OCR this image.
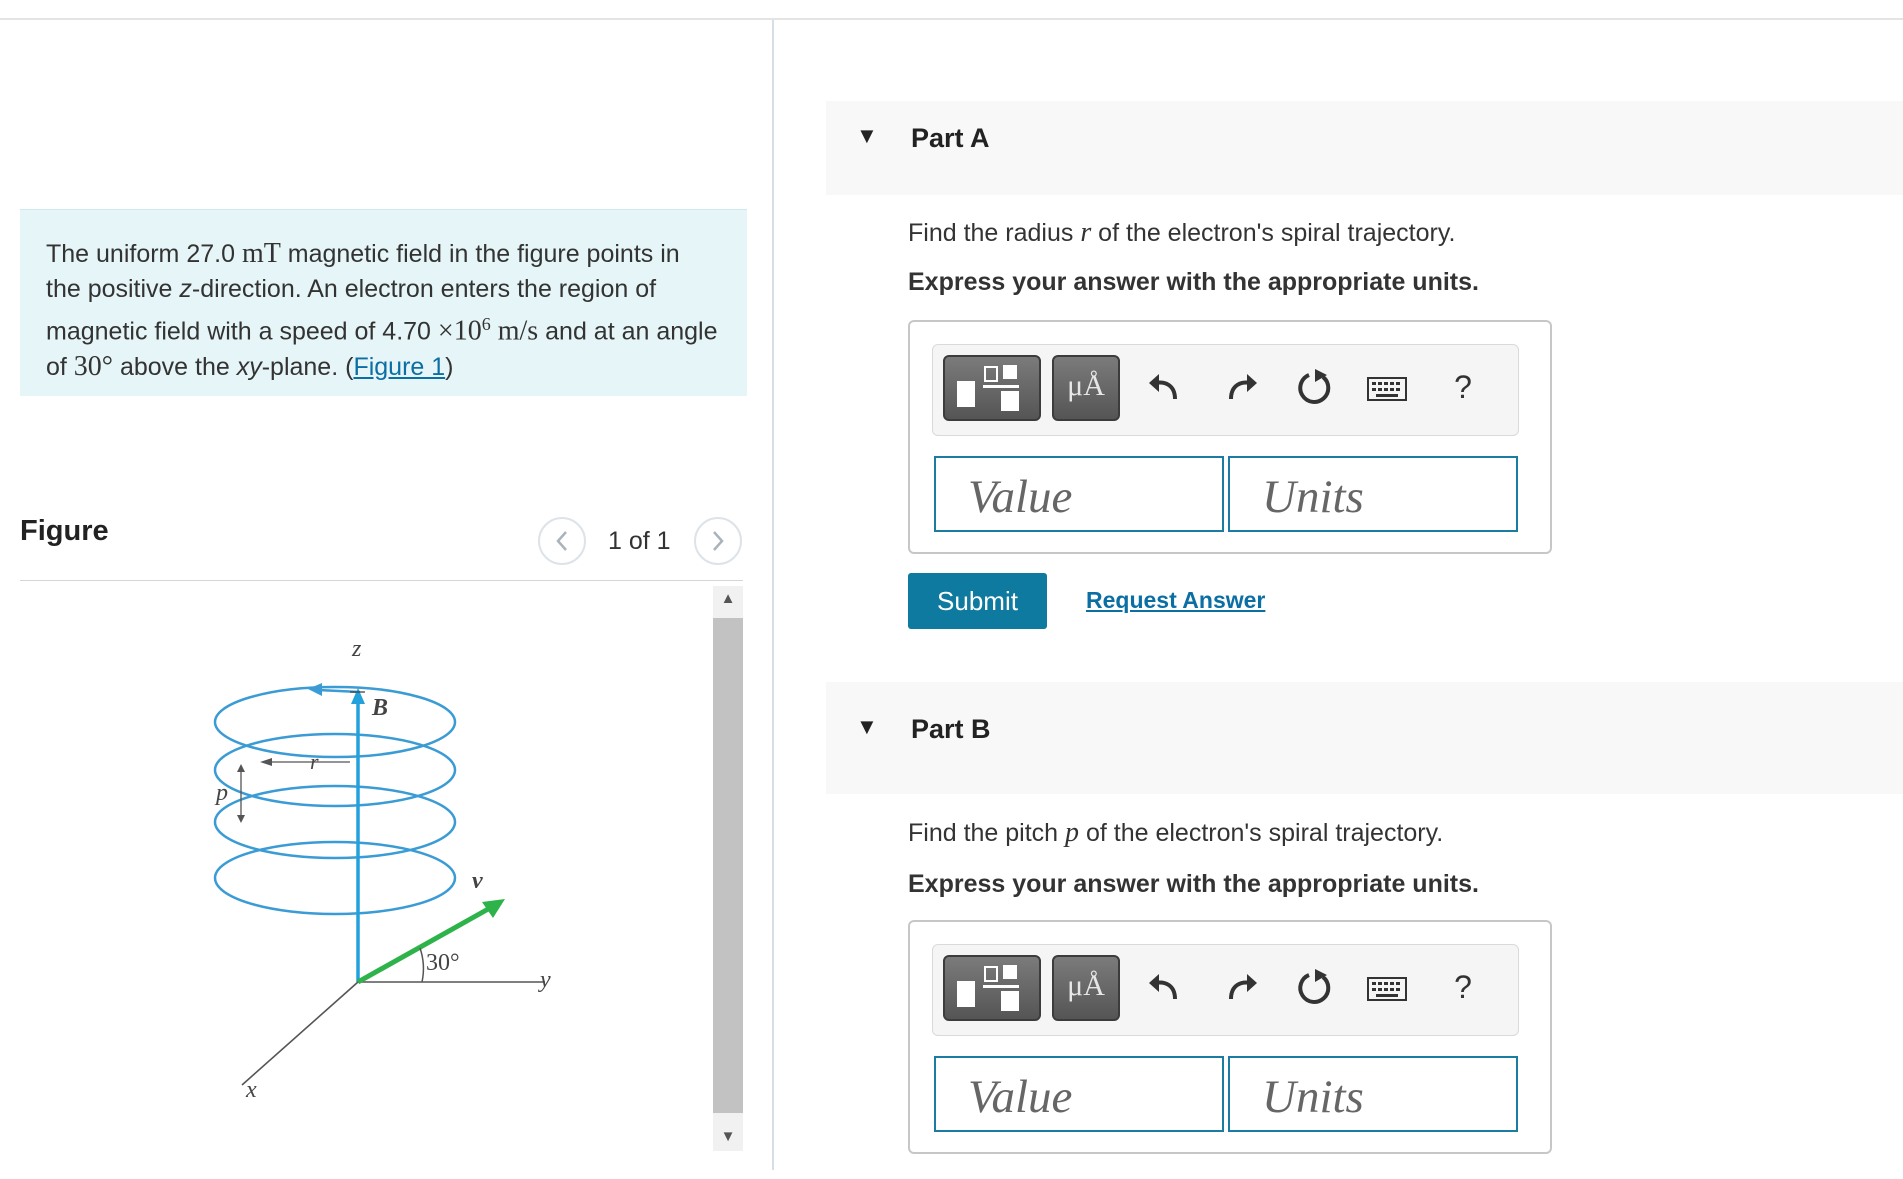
The uniform 27.0 mT magnetic field in the figure points in the positive z-direction. An electron enters the region of magnetic field with a speed of $4.70 \times 10^6$ m/s and at an angle of 30° above the xy-plane. (Figure 1)
Figure	1 of 1
▲
▼
z
B
r
p
v
y
x
30°
▼ Part A
Find the radius r of the electron's spiral trajectory.
Express your answer with the appropriate units.
μÅ	?
Value	Units
Submit	Request Answer
▼ Part B
Find the pitch p of the electron's spiral trajectory.
Express your answer with the appropriate units.
μÅ	?
Value	Units
